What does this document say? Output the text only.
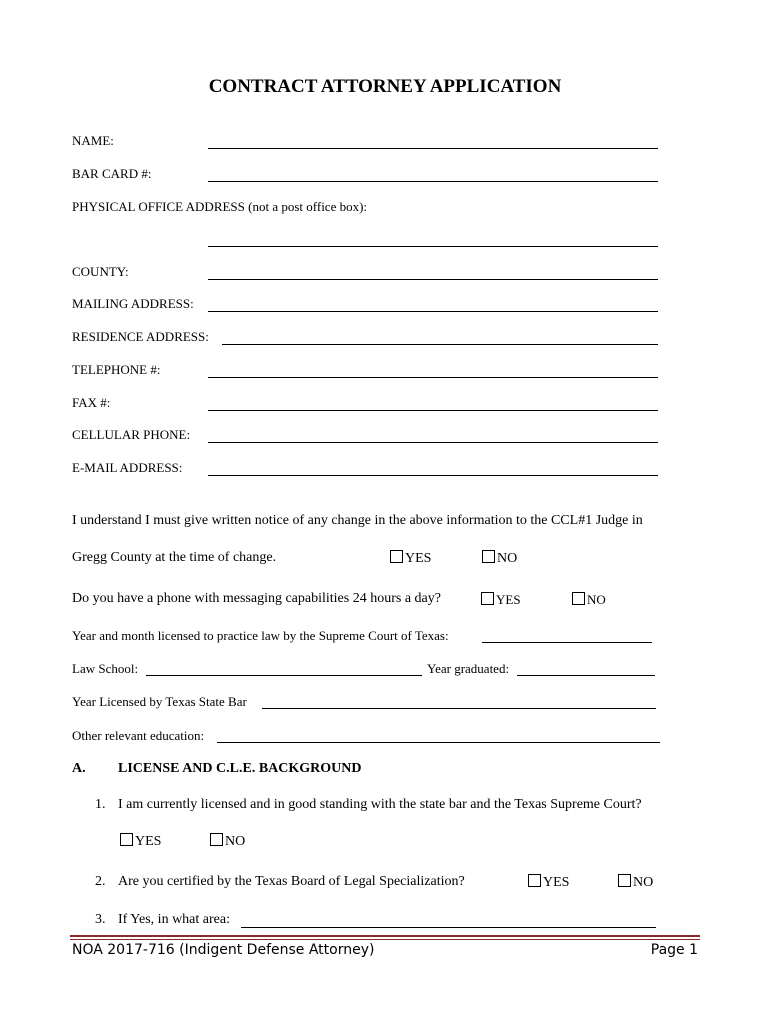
CONTRACT ATTORNEY APPLICATION
NAME:
BAR CARD #:
PHYSICAL OFFICE ADDRESS (not a post office box):
COUNTY:
MAILING ADDRESS:
RESIDENCE ADDRESS:
TELEPHONE #:
FAX #:
CELLULAR PHONE:
E-MAIL ADDRESS:
I understand I must give written notice of any change in the above information to the CCL#1 Judge in
Gregg County at the time of change.	YES	NO
Do you have a phone with messaging capabilities 24 hours a day?	YES	NO
Year and month licensed to practice law by the Supreme Court of Texas:
Law School:	Year graduated:
Year Licensed by Texas State Bar
Other relevant education:
A. LICENSE AND C.L.E. BACKGROUND
1. I am currently licensed and in good standing with the state bar and the Texas Supreme Court?
YES	NO
2. Are you certified by the Texas Board of Legal Specialization?	YES	NO
3. If Yes, in what area:
NOA 2017-716 (Indigent Defense Attorney)	Page 1
